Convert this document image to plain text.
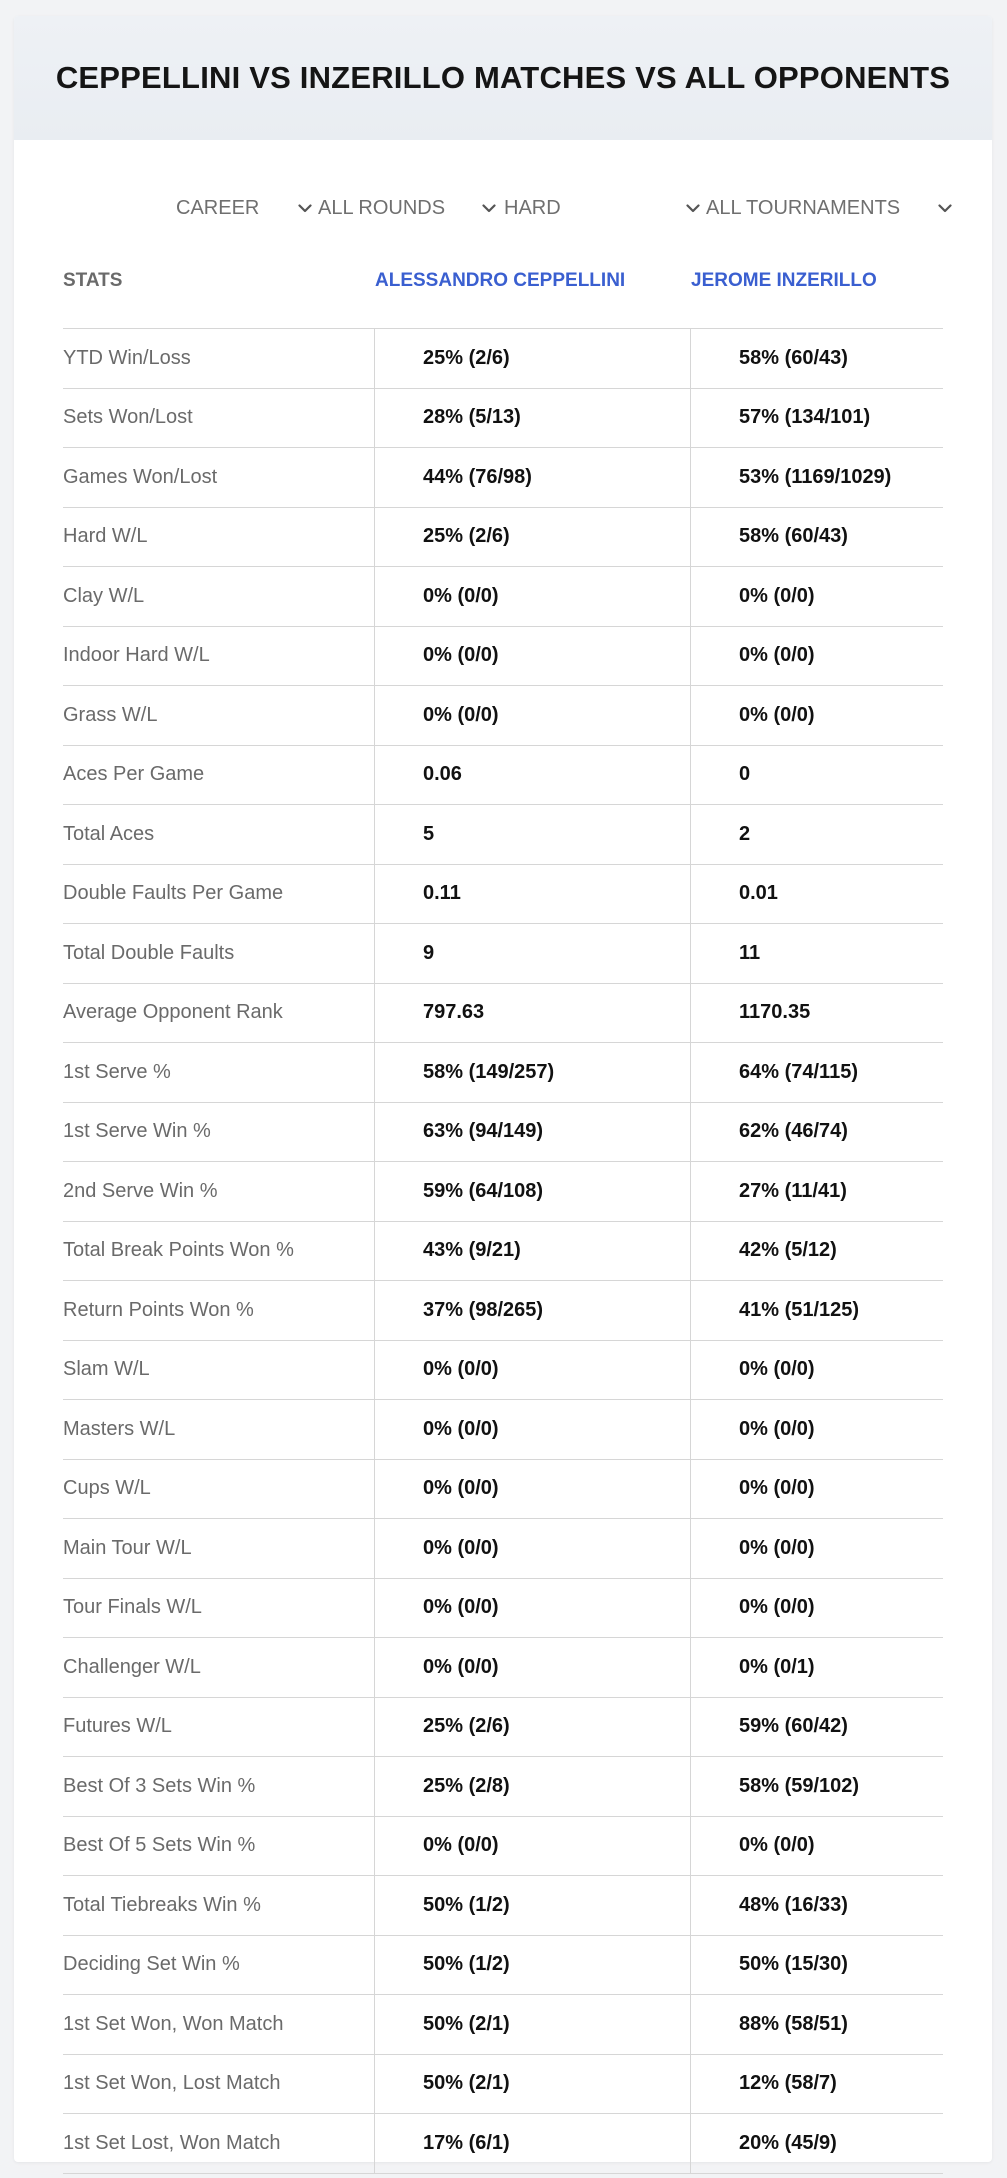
CEPPELLINI VS INZERILLO MATCHES VS ALL OPPONENTS
CAREER	ALL ROUNDS	HARD	ALL TOURNAMENTS
STATS	ALESSANDRO CEPPELLINI	JEROME INZERILLO
YTD Win/Loss	25% (2/6)	58% (60/43)
Sets Won/Lost	28% (5/13)	57% (134/101)
Games Won/Lost	44% (76/98)	53% (1169/1029)
Hard W/L	25% (2/6)	58% (60/43)
Clay W/L	0% (0/0)	0% (0/0)
Indoor Hard W/L	0% (0/0)	0% (0/0)
Grass W/L	0% (0/0)	0% (0/0)
Aces Per Game	0.06	0
Total Aces	5	2
Double Faults Per Game	0.11	0.01
Total Double Faults	9	11
Average Opponent Rank	797.63	1170.35
1st Serve %	58% (149/257)	64% (74/115)
1st Serve Win %	63% (94/149)	62% (46/74)
2nd Serve Win %	59% (64/108)	27% (11/41)
Total Break Points Won %	43% (9/21)	42% (5/12)
Return Points Won %	37% (98/265)	41% (51/125)
Slam W/L	0% (0/0)	0% (0/0)
Masters W/L	0% (0/0)	0% (0/0)
Cups W/L	0% (0/0)	0% (0/0)
Main Tour W/L	0% (0/0)	0% (0/0)
Tour Finals W/L	0% (0/0)	0% (0/0)
Challenger W/L	0% (0/0)	0% (0/1)
Futures W/L	25% (2/6)	59% (60/42)
Best Of 3 Sets Win %	25% (2/8)	58% (59/102)
Best Of 5 Sets Win %	0% (0/0)	0% (0/0)
Total Tiebreaks Win %	50% (1/2)	48% (16/33)
Deciding Set Win %	50% (1/2)	50% (15/30)
1st Set Won, Won Match	50% (2/1)	88% (58/51)
1st Set Won, Lost Match	50% (2/1)	12% (58/7)
1st Set Lost, Won Match	17% (6/1)	20% (45/9)
